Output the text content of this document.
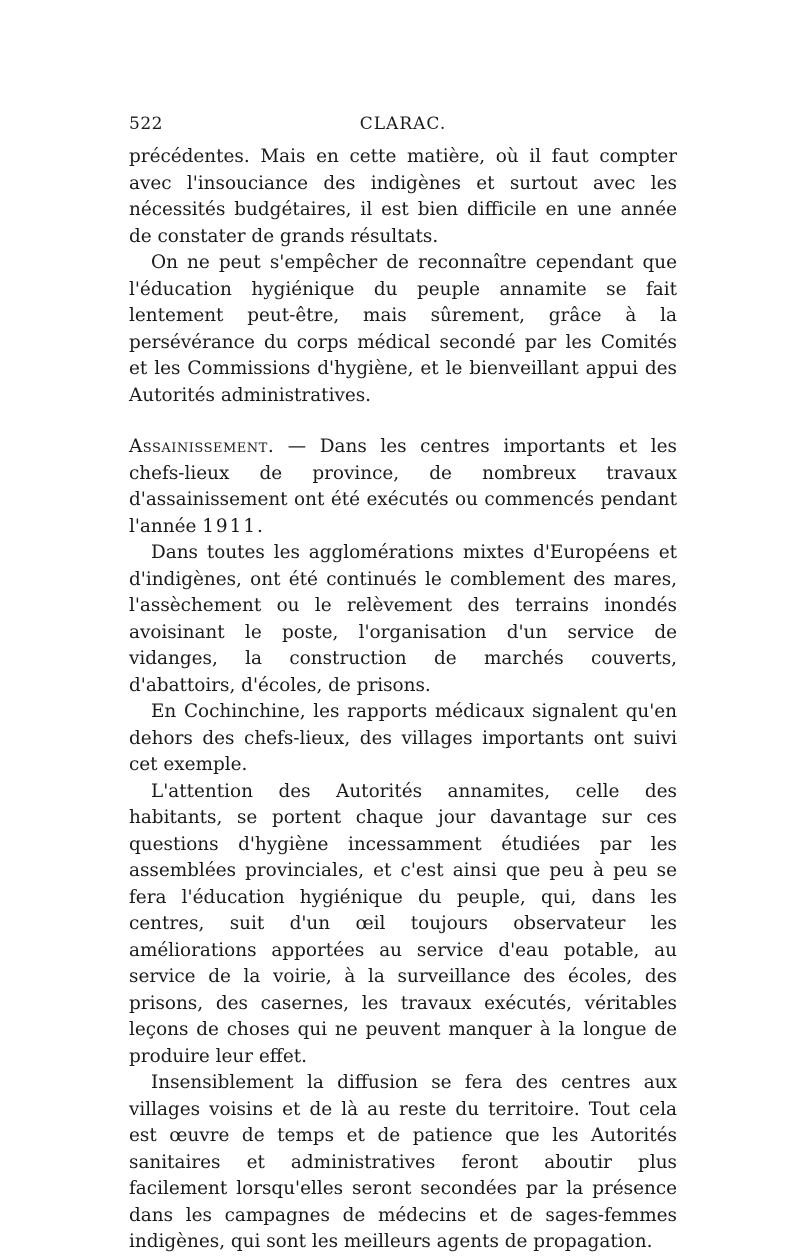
522	CLARAC.

précédentes. Mais en cette matière, où il faut compter avec l'insouciance des indigènes et surtout avec les nécessités budgétaires, il est bien difficile en une année de constater de grands résultats.

On ne peut s'empêcher de reconnaître cependant que l'éducation hygiénique du peuple annamite se fait lentement peut-être, mais sûrement, grâce à la persévérance du corps médical secondé par les Comités et les Commissions d'hygiène, et le bienveillant appui des Autorités administratives.

Assainissement. — Dans les centres importants et les chefs-lieux de province, de nombreux travaux d'assainissement ont été exécutés ou commencés pendant l'année 1911.

Dans toutes les agglomérations mixtes d'Européens et d'indigènes, ont été continués le comblement des mares, l'assèchement ou le relèvement des terrains inondés avoisinant le poste, l'organisation d'un service de vidanges, la construction de marchés couverts, d'abattoirs, d'écoles, de prisons.

En Cochinchine, les rapports médicaux signalent qu'en dehors des chefs-lieux, des villages importants ont suivi cet exemple.

L'attention des Autorités annamites, celle des habitants, se portent chaque jour davantage sur ces questions d'hygiène incessamment étudiées par les assemblées provinciales, et c'est ainsi que peu à peu se fera l'éducation hygiénique du peuple, qui, dans les centres, suit d'un œil toujours observateur les améliorations apportées au service d'eau potable, au service de la voirie, à la surveillance des écoles, des prisons, des casernes, les travaux exécutés, véritables leçons de choses qui ne peuvent manquer à la longue de produire leur effet.

Insensiblement la diffusion se fera des centres aux villages voisins et de là au reste du territoire. Tout cela est œuvre de temps et de patience que les Autorités sanitaires et administratives feront aboutir plus facilement lorsqu'elles seront secondées par la présence dans les campagnes de médecins et de sages-femmes indigènes, qui sont les meilleurs agents de propagation.
